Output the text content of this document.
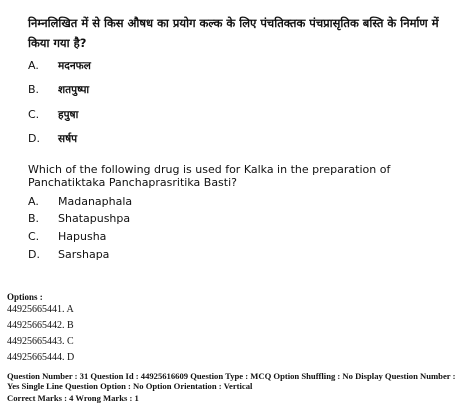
निम्नलिखित में से किस औषध का प्रयोग कल्क के लिए पंचतिक्तक पंचप्रासृतिक बस्ति के निर्माण में किया गया है?
A. मदनफल
B. शतपुष्पा
C. हपुषा
D. सर्षप
Which of the following drug is used for Kalka in the preparation of Panchatiktaka Panchaprasritika Basti?
A. Madanaphala
B. Shatapushpa
C. Hapusha
D. Sarshapa
Options :
44925665441. A
44925665442. B
44925665443. C
44925665444. D
Question Number : 31 Question Id : 44925616609 Question Type : MCQ Option Shuffling : No Display Question Number : Yes Single Line Question Option : No Option Orientation : Vertical
Correct Marks : 4 Wrong Marks : 1
